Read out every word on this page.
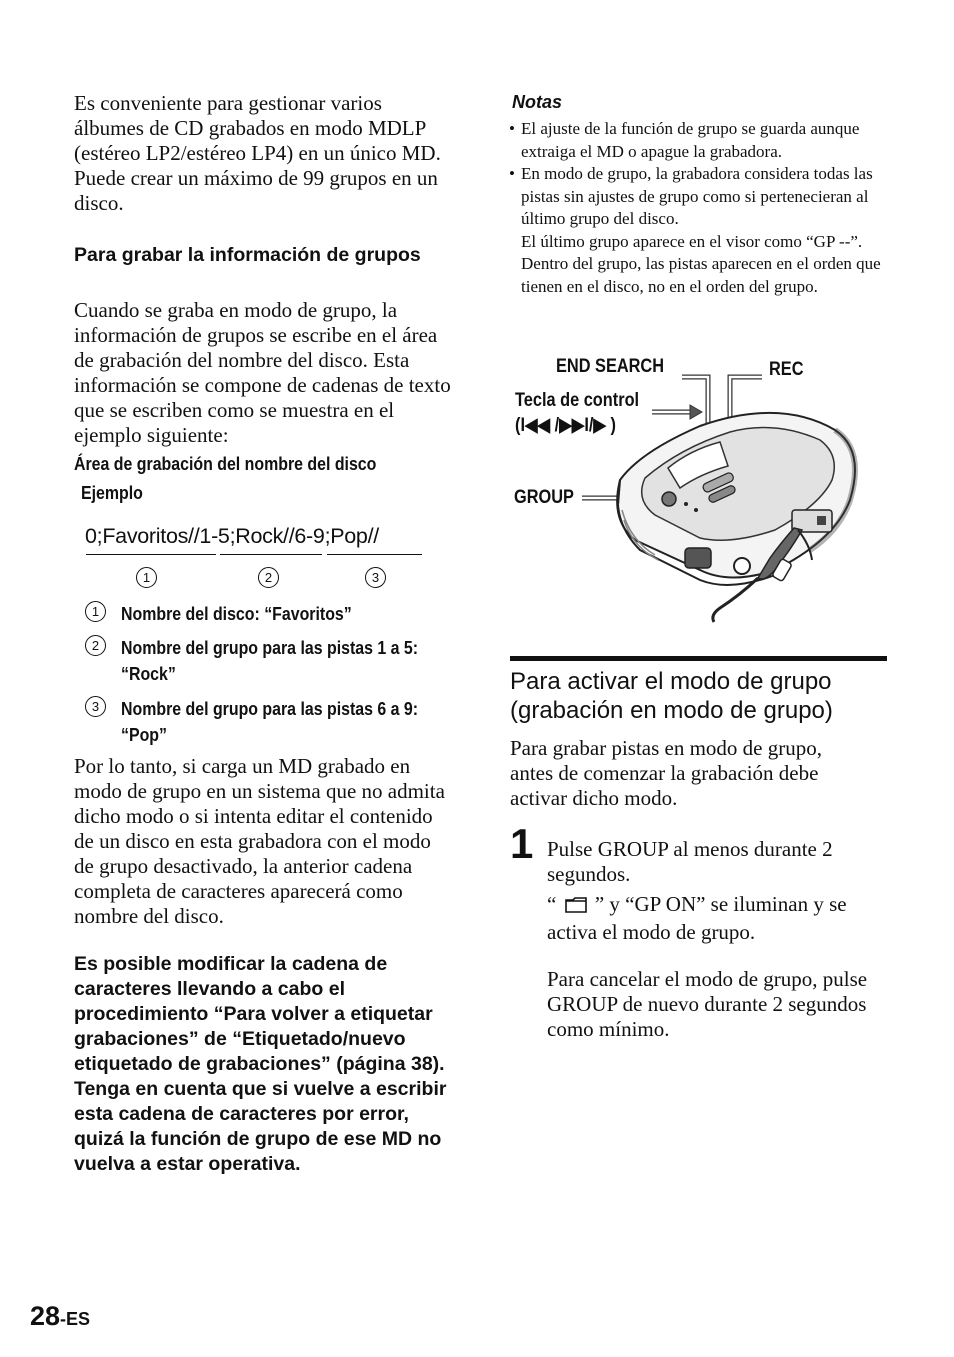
Es conveniente para gestionar varios álbumes de CD grabados en modo MDLP (estéreo LP2/estéreo LP4) en un único MD. Puede crear un máximo de 99 grupos en un disco.

Para grabar la información de grupos

Cuando se graba en modo de grupo, la información de grupos se escribe en el área de grabación del nombre del disco. Esta información se compone de cadenas de texto que se escriben como se muestra en el ejemplo siguiente:

Área de grabación del nombre del disco
Ejemplo
0;Favoritos//1-5;Rock//6-9;Pop//
1	2	3
1	Nombre del disco: “Favoritos”
2	Nombre del grupo para las pistas 1 a 5:
“Rock”
3	Nombre del grupo para las pistas 6 a 9:
“Pop”

Por lo tanto, si carga un MD grabado en modo de grupo en un sistema que no admita dicho modo o si intenta editar el contenido de un disco en esta grabadora con el modo de grupo desactivado, la anterior cadena completa de caracteres aparecerá como nombre del disco.

Es posible modificar la cadena de caracteres llevando a cabo el procedimiento “Para volver a etiquetar grabaciones” de “Etiquetado/nuevo etiquetado de grabaciones” (página 38). Tenga en cuenta que si vuelve a escribir esta cadena de caracteres por error, quizá la función de grupo de ese MD no vuelva a estar operativa.
Notas
• El ajuste de la función de grupo se guarda aunque extraiga el MD o apague la grabadora.
• En modo de grupo, la grabadora considera todas las pistas sin ajustes de grupo como si pertenecieran al último grupo del disco.
El último grupo aparece en el visor como “GP --”. Dentro del grupo, las pistas aparecen en el orden que tienen en el disco, no en el orden del grupo.
END SEARCH	REC
Tecla de control
(I◀◀ /▶▶I/▶ )
GROUP
Para activar el modo de grupo (grabación en modo de grupo)

Para grabar pistas en modo de grupo, antes de comenzar la grabación debe activar dicho modo.

1 Pulse GROUP al menos durante 2 segundos.

“ ” y “GP ON” se iluminan y se activa el modo de grupo.

Para cancelar el modo de grupo, pulse GROUP de nuevo durante 2 segundos como mínimo.

28-ES
